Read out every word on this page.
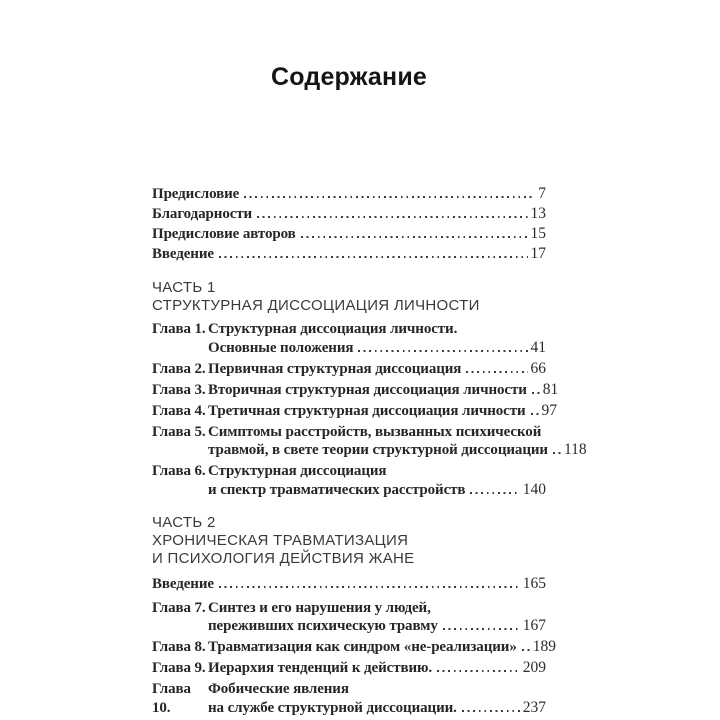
Содержание
Предисловие	7
Благодарности	13
Предисловие авторов	15
Введение	17
ЧАСТЬ 1
СТРУКТУРНАЯ ДИССОЦИАЦИЯ ЛИЧНОСТИ
Глава 1. Структурная диссоциация личности.
Основные положения	41
Глава 2. Первичная структурная диссоциация	66
Глава 3. Вторичная структурная диссоциация личности 81
Глава 4. Третичная структурная диссоциация личности 97
Глава 5. Симптомы расстройств, вызванных психической
травмой, в свете теории структурной диссоциации 118
Глава 6. Структурная диссоциация
и спектр травматических расстройств	140
ЧАСТЬ 2
ХРОНИЧЕСКАЯ ТРАВМАТИЗАЦИЯ
И ПСИХОЛОГИЯ ДЕЙСТВИЯ ЖАНЕ
Введение	165
Глава 7. Синтез и его нарушения у людей,
переживших психическую травму	167
Глава 8. Травматизация как синдром «не-реализации» 189
Глава 9. Иерархия тенденций к действию.	209
Глава 10.
Фобические явления
на службе структурной диссоциации.	237
